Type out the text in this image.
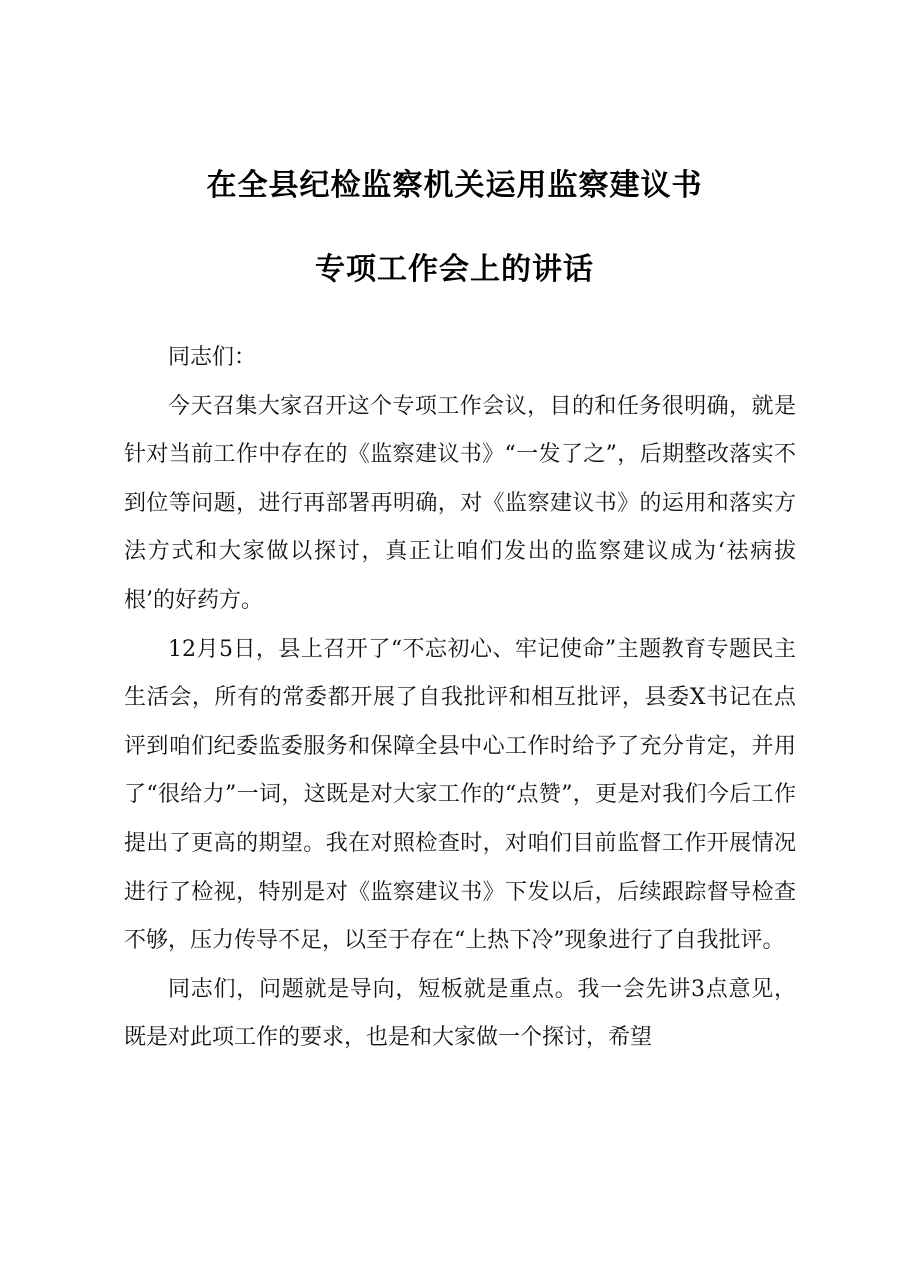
在全县纪检监察机关运用监察建议书
专项工作会上的讲话

同志们：

今天召集大家召开这个专项工作会议，目的和任务很明确，就是针对当前工作中存在的《监察建议书》“一发了之”，后期整改落实不到位等问题，进行再部署再明确，对《监察建议书》的运用和落实方法方式和大家做以探讨，真正让咱们发出的监察建议成为‘祛病拔根’的好药方。

12月5日，县上召开了“不忘初心、牢记使命”主题教育专题民主生活会，所有的常委都开展了自我批评和相互批评，县委X书记在点评到咱们纪委监委服务和保障全县中心工作时给予了充分肯定，并用了“很给力”一词，这既是对大家工作的“点赞”，更是对我们今后工作提出了更高的期望。我在对照检查时，对咱们目前监督工作开展情况进行了检视，特别是对《监察建议书》下发以后，后续跟踪督导检查不够，压力传导不足，以至于存在“上热下冷”现象进行了自我批评。

同志们，问题就是导向，短板就是重点。我一会先讲3点意见，既是对此项工作的要求，也是和大家做一个探讨，希望
